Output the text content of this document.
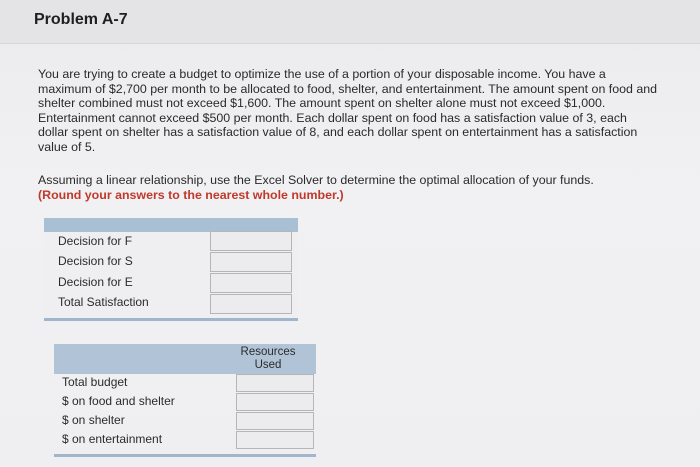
Problem A-7
You are trying to create a budget to optimize the use of a portion of your disposable income. You have a maximum of $2,700 per month to be allocated to food, shelter, and entertainment. The amount spent on food and shelter combined must not exceed $1,600. The amount spent on shelter alone must not exceed $1,000. Entertainment cannot exceed $500 per month. Each dollar spent on food has a satisfaction value of 3, each dollar spent on shelter has a satisfaction value of 8, and each dollar spent on entertainment has a satisfaction value of 5.
Assuming a linear relationship, use the Excel Solver to determine the optimal allocation of your funds.
(Round your answers to the nearest whole number.)
Decision for F
Decision for S
Decision for E
Total Satisfaction
Resources Used
Total budget
$ on food and shelter
$ on shelter
$ on entertainment
